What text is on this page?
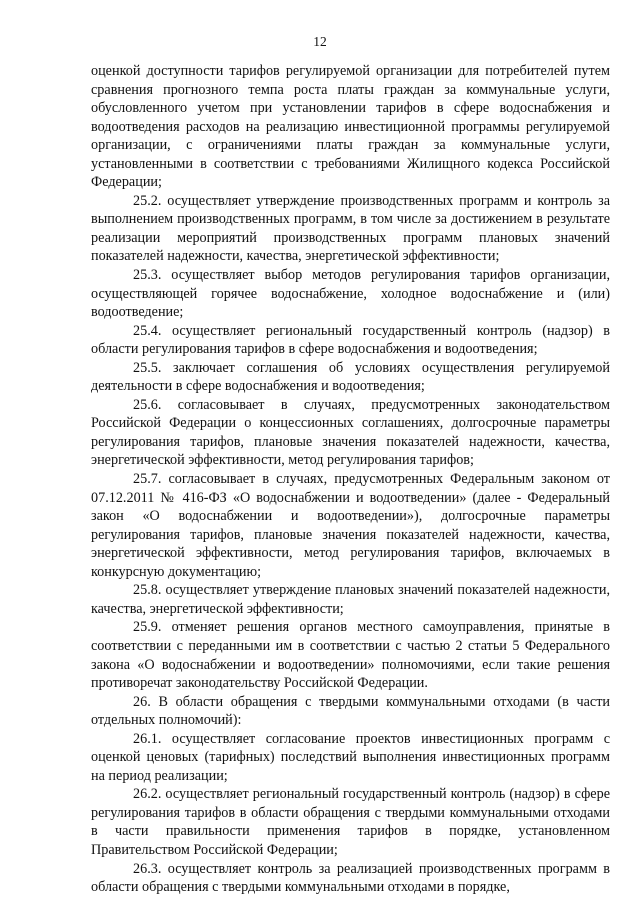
12

оценкой доступности тарифов регулируемой организации для потребителей путем сравнения прогнозного темпа роста платы граждан за коммунальные услуги, обусловленного учетом при установлении тарифов в сфере водоснабжения и водоотведения расходов на реализацию инвестиционной программы регулируемой организации, с ограничениями платы граждан за коммунальные услуги, установленными в соответствии с требованиями Жилищного кодекса Российской Федерации;

25.2. осуществляет утверждение производственных программ и контроль за выполнением производственных программ, в том числе за достижением в результате реализации мероприятий производственных программ плановых значений показателей надежности, качества, энергетической эффективности;

25.3. осуществляет выбор методов регулирования тарифов организации, осуществляющей горячее водоснабжение, холодное водоснабжение и (или) водоотведение;

25.4. осуществляет региональный государственный контроль (надзор) в области регулирования тарифов в сфере водоснабжения и водоотведения;

25.5. заключает соглашения об условиях осуществления регулируемой деятельности в сфере водоснабжения и водоотведения;

25.6. согласовывает в случаях, предусмотренных законодательством Российской Федерации о концессионных соглашениях, долгосрочные параметры регулирования тарифов, плановые значения показателей надежности, качества, энергетической эффективности, метод регулирования тарифов;

25.7. согласовывает в случаях, предусмотренных Федеральным законом от 07.12.2011 № 416-ФЗ «О водоснабжении и водоотведении» (далее - Федеральный закон «О водоснабжении и водоотведении»), долгосрочные параметры регулирования тарифов, плановые значения показателей надежности, качества, энергетической эффективности, метод регулирования тарифов, включаемых в конкурсную документацию;

25.8. осуществляет утверждение плановых значений показателей надежности, качества, энергетической эффективности;

25.9. отменяет решения органов местного самоуправления, принятые в соответствии с переданными им в соответствии с частью 2 статьи 5 Федерального закона «О водоснабжении и водоотведении» полномочиями, если такие решения противоречат законодательству Российской Федерации.

26. В области обращения с твердыми коммунальными отходами (в части отдельных полномочий):

26.1. осуществляет согласование проектов инвестиционных программ с оценкой ценовых (тарифных) последствий выполнения инвестиционных программ на период реализации;

26.2. осуществляет региональный государственный контроль (надзор) в сфере регулирования тарифов в области обращения с твердыми коммунальными отходами в части правильности применения тарифов в порядке, установленном Правительством Российской Федерации;

26.3. осуществляет контроль за реализацией производственных программ в области обращения с твердыми коммунальными отходами в порядке,
